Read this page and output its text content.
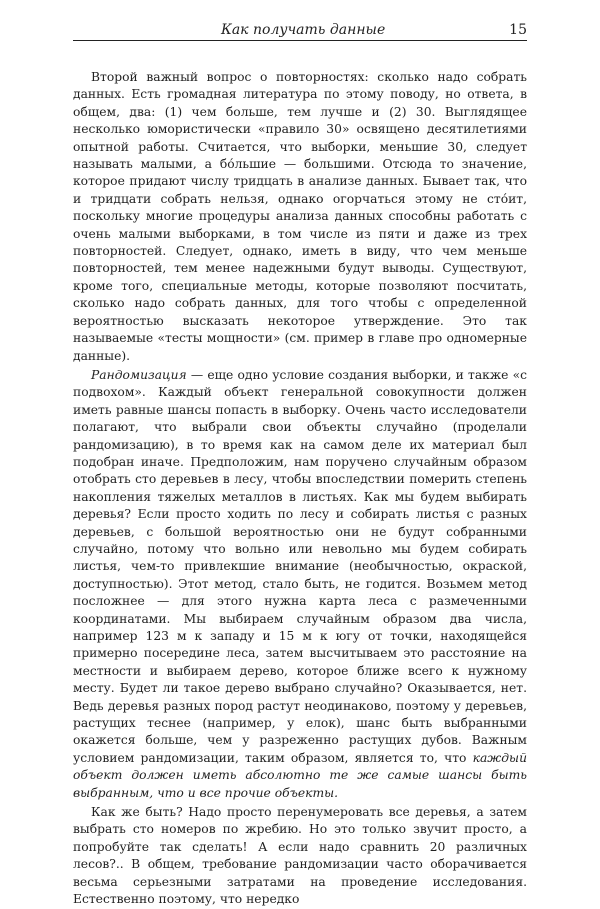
Как получать данные	15

Второй важный вопрос о повторностях: сколько надо собрать данных. Есть громадная литература по этому поводу, но ответа, в общем, два: (1) чем больше, тем лучше и (2) 30. Выглядящее несколько юмористически «правило 30» освящено десятилетиями опытной работы. Считается, что выборки, меньшие 30, следует называть малыми, а бо́льшие — большими. Отсюда то значение, которое придают числу тридцать в анализе данных. Бывает так, что и тридцати собрать нельзя, однако огорчаться этому не сто́ит, поскольку многие процедуры анализа данных способны работать с очень малыми выборками, в том числе из пяти и даже из трех повторностей. Следует, однако, иметь в виду, что чем меньше повторностей, тем менее надежными будут выводы. Существуют, кроме того, специальные методы, которые позволяют посчитать, сколько надо собрать данных, для того чтобы с определенной вероятностью высказать некоторое утверждение. Это так называемые «тесты мощности» (см. пример в главе про одномерные данные).

Рандомизация — еще одно условие создания выборки, и также «с подвохом». Каждый объект генеральной совокупности должен иметь равные шансы попасть в выборку. Очень часто исследователи полагают, что выбрали свои объекты случайно (проделали рандомизацию), в то время как на самом деле их материал был подобран иначе. Предположим, нам поручено случайным образом отобрать сто деревьев в лесу, чтобы впоследствии померить степень накопления тяжелых металлов в листьях. Как мы будем выбирать деревья? Если просто ходить по лесу и собирать листья с разных деревьев, с большой вероятностью они не будут собранными случайно, потому что вольно или невольно мы будем собирать листья, чем-то привлекшие внимание (необычностью, окраской, доступностью). Этот метод, стало быть, не годится. Возьмем метод посложнее — для этого нужна карта леса с размеченными координатами. Мы выбираем случайным образом два числа, например 123 м к западу и 15 м к югу от точки, находящейся примерно посередине леса, затем высчитываем это расстояние на местности и выбираем дерево, которое ближе всего к нужному месту. Будет ли такое дерево выбрано случайно? Оказывается, нет. Ведь деревья разных пород растут неодинаково, поэтому у деревьев, растущих теснее (например, у елок), шанс быть выбранными окажется больше, чем у разреженно растущих дубов. Важным условием рандомизации, таким образом, является то, что каждый объект должен иметь абсолютно те же самые шансы быть выбранным, что и все прочие объекты.

Как же быть? Надо просто перенумеровать все деревья, а затем выбрать сто номеров по жребию. Но это только звучит просто, а попробуйте так сделать! А если надо сравнить 20 различных лесов?.. В общем, требование рандомизации часто оборачивается весьма серьезными затратами на проведение исследования. Естественно поэтому, что нередко
